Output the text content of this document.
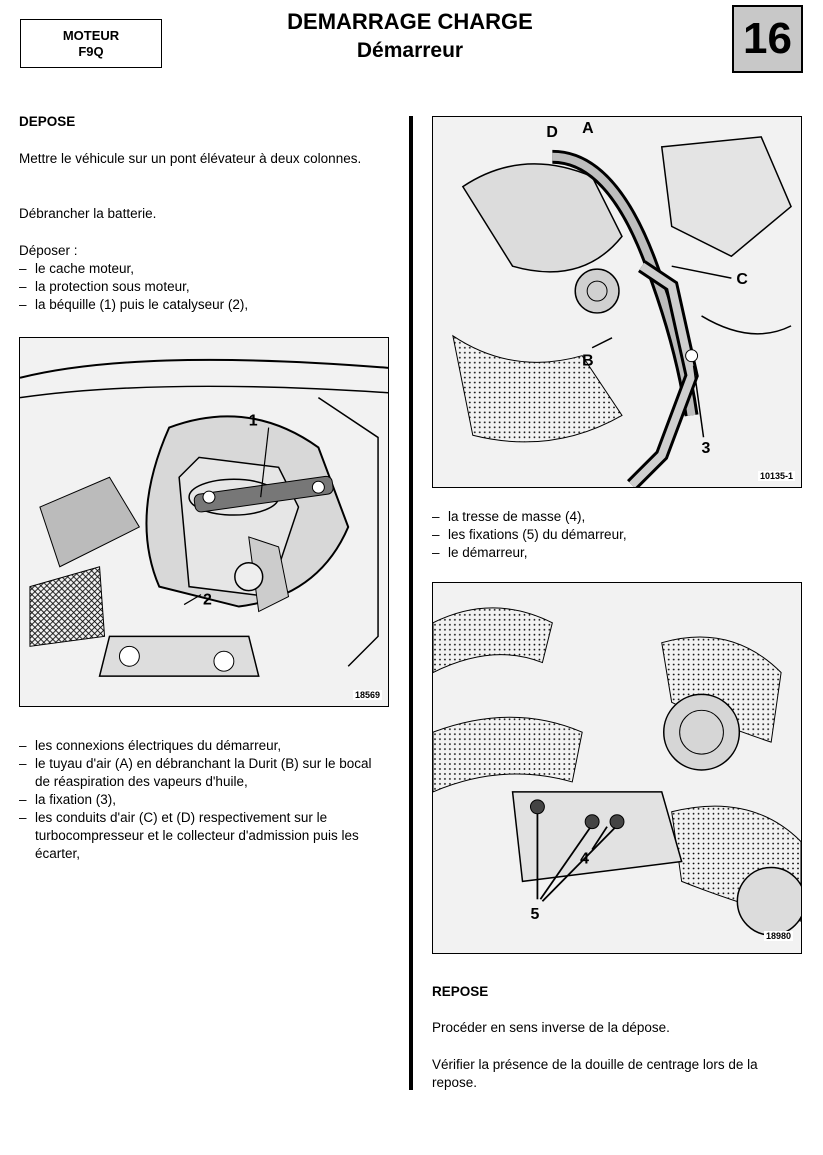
MOTEUR
F9Q
DEMARRAGE CHARGE
Démarreur	16
DEPOSE
Mettre le véhicule sur un pont élévateur à deux colonnes.
Débrancher la batterie.
Déposer :
– le cache moteur,
– la protection sous moteur,
– la béquille (1) puis le catalyseur (2),
1
2
18569
– les connexions électriques du démarreur,
– le tuyau d'air (A) en débranchant la Durit (B) sur le bocal de réaspiration des vapeurs d'huile,
– la fixation (3),
– les conduits d'air (C) et (D) respectivement sur le turbocompresseur et le collecteur d'admission puis les écarter,
D A
C
B
3
10135-1
– la tresse de masse (4),
– les fixations (5) du démarreur,
– le démarreur,
4
5
18980
REPOSE
Procéder en sens inverse de la dépose.
Vérifier la présence de la douille de centrage lors de la repose.
